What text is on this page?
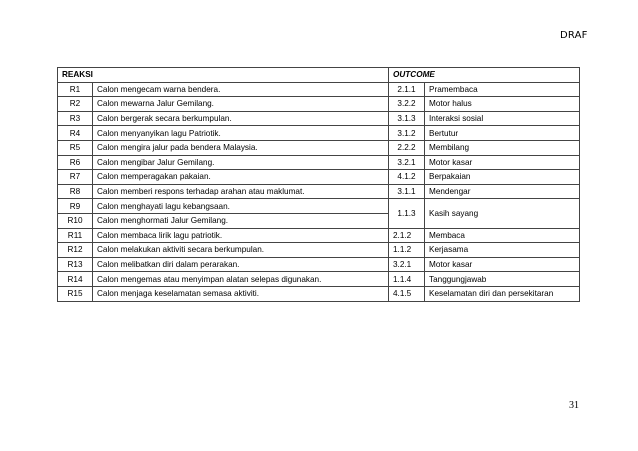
DRAF
REAKSI		OUTCOME	
R1	Calon mengecam warna bendera.	2.1.1	Pramembaca
R2	Calon mewarna Jalur Gemilang.	3.2.2	Motor halus
R3	Calon bergerak secara berkumpulan.	3.1.3	Interaksi sosial
R4	Calon menyanyikan lagu Patriotik.	3.1.2	Bertutur
R5	Calon mengira jalur pada bendera Malaysia.	2.2.2	Membilang
R6	Calon mengibar Jalur Gemilang.	3.2.1	Motor kasar
R7	Calon memperagakan pakaian.	4.1.2	Berpakaian
R8	Calon memberi respons terhadap arahan atau maklumat.	3.1.1	Mendengar
R9	Calon menghayati lagu kebangsaan.	1.1.3	Kasih sayang
R10	Calon menghormati Jalur Gemilang.		
R11	Calon membaca lirik lagu patriotik.	2.1.2	Membaca
R12	Calon melakukan aktiviti secara berkumpulan.	1.1.2	Kerjasama
R13	Calon melibatkan diri dalam perarakan.	3.2.1	Motor kasar
R14	Calon mengemas atau menyimpan alatan selepas digunakan.	1.1.4	Tanggungjawab
R15	Calon menjaga keselamatan semasa aktiviti.	4.1.5	Keselamatan diri dan persekitaran
31
